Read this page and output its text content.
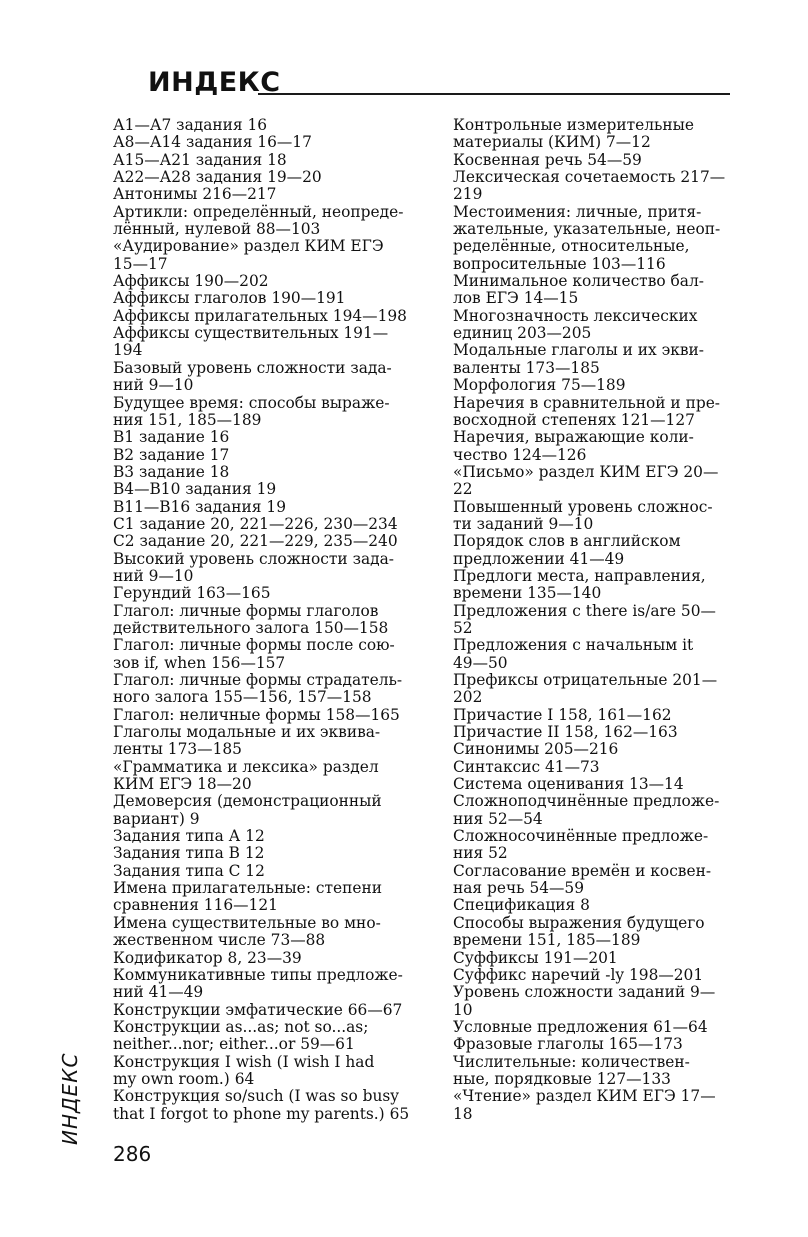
ИНДЕКС
А1—А7 задания 16
А8—А14 задания 16—17
А15—А21 задания 18
А22—А28 задания 19—20
Антонимы 216—217
Артикли: определённый, неопреде-
лённый, нулевой 88—103
«Аудирование» раздел КИМ ЕГЭ
15—17
Аффиксы 190—202
Аффиксы глаголов 190—191
Аффиксы прилагательных 194—198
Аффиксы существительных 191—
194
Базовый уровень сложности зада-
ний 9—10
Будущее время: способы выраже-
ния 151, 185—189
В1 задание 16
В2 задание 17
В3 задание 18
В4—В10 задания 19
В11—В16 задания 19
С1 задание 20, 221—226, 230—234
С2 задание 20, 221—229, 235—240
Высокий уровень сложности зада-
ний 9—10
Герундий 163—165
Глагол: личные формы глаголов
действительного залога 150—158
Глагол: личные формы после сою-
зов if, when 156—157
Глагол: личные формы страдатель-
ного залога 155—156, 157—158
Глагол: неличные формы 158—165
Глаголы модальные и их эквива-
ленты 173—185
«Грамматика и лексика» раздел
КИМ ЕГЭ 18—20
Демоверсия (демонстрационный
вариант) 9
Задания типа А 12
Задания типа В 12
Задания типа С 12
Имена прилагательные: степени
сравнения 116—121
Имена существительные во мно-
жественном числе 73—88
Кодификатор 8, 23—39
Коммуникативные типы предложе-
ний 41—49
Конструкции эмфатические 66—67
Конструкции as...as; not so...as;
neither...nor; either...or 59—61
Конструкция I wish (I wish I had
my own room.) 64
Конструкция so/such (I was so busy
that I forgot to phone my parents.) 65
Контрольные измерительные
материалы (КИМ) 7—12
Косвенная речь 54—59
Лексическая сочетаемость 217—
219
Местоимения: личные, притя-
жательные, указательные, неоп-
ределённые, относительные,
вопросительные 103—116
Минимальное количество бал-
лов ЕГЭ 14—15
Многозначность лексических
единиц 203—205
Модальные глаголы и их экви-
валенты 173—185
Морфология 75—189
Наречия в сравнительной и пре-
восходной степенях 121—127
Наречия, выражающие коли-
чество 124—126
«Письмо» раздел КИМ ЕГЭ 20—
22
Повышенный уровень сложнос-
ти заданий 9—10
Порядок слов в английском
предложении 41—49
Предлоги места, направления,
времени 135—140
Предложения с there is/are 50—
52
Предложения с начальным it
49—50
Префиксы отрицательные 201—
202
Причастие I 158, 161—162
Причастие II 158, 162—163
Синонимы 205—216
Синтаксис 41—73
Система оценивания 13—14
Сложноподчинённые предложе-
ния 52—54
Сложносочинённые предложе-
ния 52
Согласование времён и косвен-
ная речь 54—59
Спецификация 8
Способы выражения будущего
времени 151, 185—189
Суффиксы 191—201
Суффикс наречий -ly 198—201
Уровень сложности заданий 9—
10
Условные предложения 61—64
Фразовые глаголы 165—173
Числительные: количествен-
ные, порядковые 127—133
«Чтение» раздел КИМ ЕГЭ 17—
18
ИНДЕКС
286
